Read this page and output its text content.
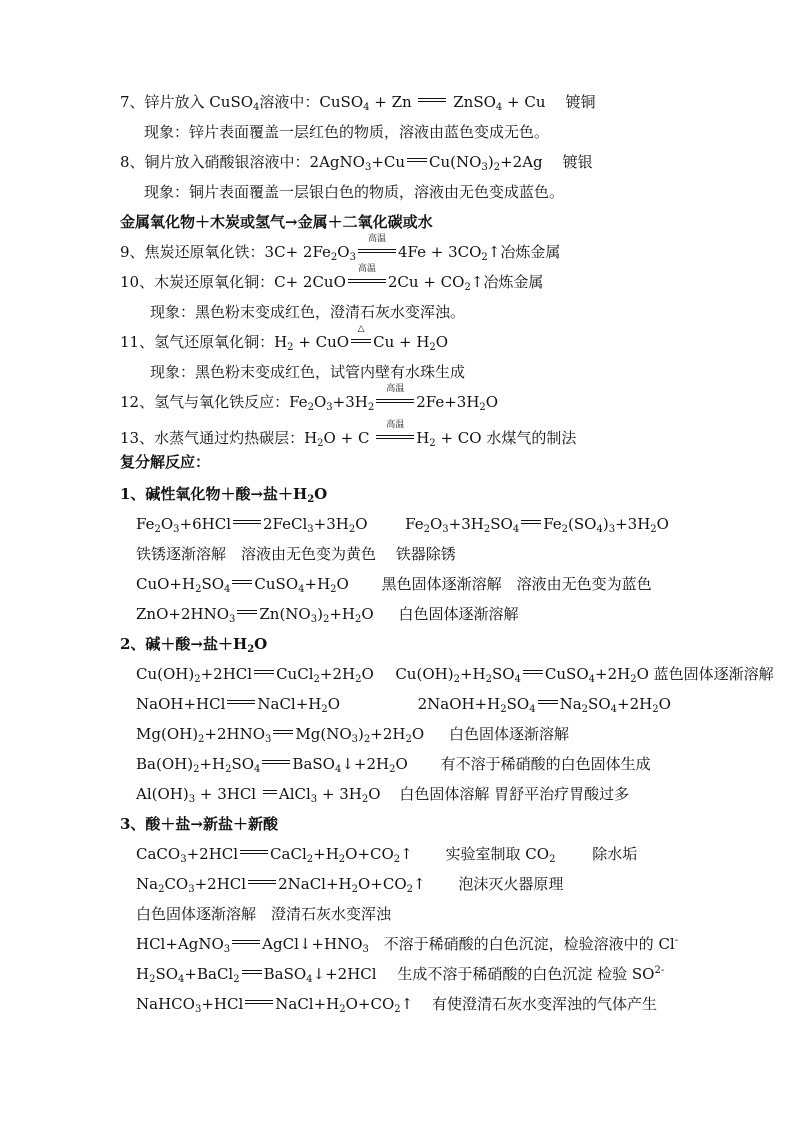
7、锌片放入 CuSO$_4$溶液中：CuSO$_4$ + Zn
ZnSO$_4$ + Cu 镀铜
现象：锌片表面覆盖一层红色的物质，溶液由蓝色变成无色。
8、铜片放入硝酸银溶液中：2AgNO$_3$+Cu $Cu(NO_3)_2+2Ag$ 镀银
现象：铜片表面覆盖一层银白色的物质，溶液由无色变成蓝色。
金属氧化物＋木炭或氢气→金属＋二氧化碳或水
9、焦炭还原氧化铁：$3C+ 2Fe_2O_3$
高温
$4Fe + 3CO_2↑$冶炼金属
10、木炭还原氧化铜：C+ 2CuO
高温
$2Cu + CO_2↑$冶炼金属
现象：黑色粉末变成红色，澄清石灰水变浑浊。
11、氢气还原氧化铜：$H_2$ + CuO
△
$Cu + H_2O$
现象：黑色粉末变成红色，试管内壁有水珠生成
12、氢气与氧化铁反应：$Fe_2O_3+3H_2$
高温
$2Fe+3H_2O$
13、水蒸气通过灼热碳层：$H_2O + C$
高温
$H_2$ + CO 水煤气的制法
复分解反应：
1、碱性氧化物＋酸→盐$+H_2O$
$Fe_2O_3+6HCl$ $2FeCl_3+3H_2O$	$Fe_2O_3+3H_2SO_4$ $Fe_2(SO_4)_3+3H_2O$
铁锈逐渐溶解　溶液由无色变为黄色　 铁器除锈
$CuO+H_2SO_4$ $CuSO_4+H_2O$ 黑色固体逐渐溶解　溶液由无色变为蓝色
$ZnO+2HNO_3$ $Zn(NO_3)_2+H_2O$ 白色固体逐渐溶解
2、碱＋酸→盐$+H_2O$
$Cu(OH)_2+2HCl$ $CuCl_2+2H_2O$ $Cu(OH)_2+H_2SO_4$ $CuSO_4+2H_2O$ 蓝色固体逐渐溶解
NaOH+HCl $NaCl+H_2O$	$2NaOH+H_2SO_4$ $Na_2SO_4+2H_2O$
$Mg(OH)_2+2HNO_3$ $Mg(NO_3)_2+2H_2O$ 白色固体逐渐溶解
$Ba(OH)_2+H_2SO_4$ $BaSO_4↓+2H_2O$ 有不溶于稀硝酸的白色固体生成
$Al(OH)_3 + 3HCl$
AlCl$_3$ + $3H_2O$ 白色固体溶解 胃舒平治疗胃酸过多
3、酸＋盐→新盐＋新酸
CaCO$_3$+2HCl $CaCl_2+H_2O+CO_2↑$ 实验室制取 $CO_2$ 除水垢
$Na_2CO_3+2HCl$ $2NaCl+H_2O+CO_2↑$ 泡沫灭火器原理
白色固体逐渐溶解　澄清石灰水变浑浊
HCl+AgNO$_3$ $AgCl↓+HNO_3$ 不溶于稀硝酸的白色沉淀，检验溶液中的 Cl-
$H_2SO_4+BaCl_2$ BaSO$_4$↓+2HCl 生成不溶于稀硝酸的白色沉淀 检验 $SO^{2-}$
NaHCO$_3$+HCl $NaCl+H_2O+CO_2↑$ 有使澄清石灰水变浑浊的气体产生
